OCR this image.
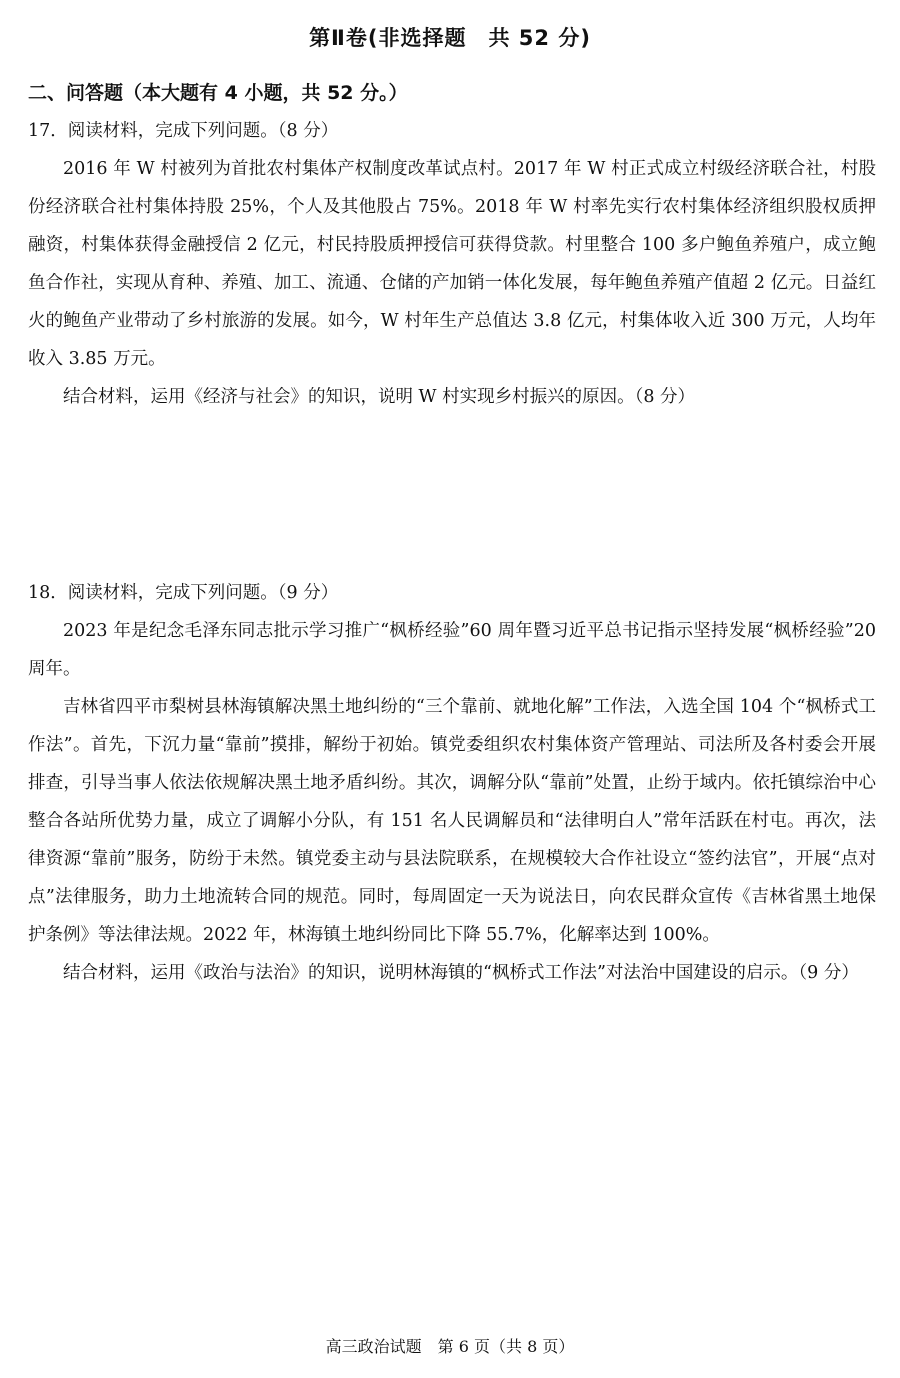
第Ⅱ卷(非选择题　共 52 分)
二、问答题（本大题有 4 小题，共 52 分。）

17．阅读材料，完成下列问题。（8 分）

2016 年 W 村被列为首批农村集体产权制度改革试点村。2017 年 W 村正式成立村级经济联合社，村股份经济联合社村集体持股 25%，个人及其他股占 75%。2018 年 W 村率先实行农村集体经济组织股权质押融资，村集体获得金融授信 2 亿元，村民持股质押授信可获得贷款。村里整合 100 多户鲍鱼养殖户，成立鲍鱼合作社，实现从育种、养殖、加工、流通、仓储的产加销一体化发展，每年鲍鱼养殖产值超 2 亿元。日益红火的鲍鱼产业带动了乡村旅游的发展。如今，W 村年生产总值达 3.8 亿元，村集体收入近 300 万元，人均年收入 3.85 万元。

结合材料，运用《经济与社会》的知识，说明 W 村实现乡村振兴的原因。（8 分）

18．阅读材料，完成下列问题。（9 分）

2023 年是纪念毛泽东同志批示学习推广“枫桥经验”60 周年暨习近平总书记指示坚持发展“枫桥经验”20 周年。

吉林省四平市梨树县林海镇解决黑土地纠纷的“三个靠前、就地化解”工作法，入选全国 104 个“枫桥式工作法”。首先，下沉力量“靠前”摸排，解纷于初始。镇党委组织农村集体资产管理站、司法所及各村委会开展排查，引导当事人依法依规解决黑土地矛盾纠纷。其次，调解分队“靠前”处置，止纷于域内。依托镇综治中心整合各站所优势力量，成立了调解小分队，有 151 名人民调解员和“法律明白人”常年活跃在村屯。再次，法律资源“靠前”服务，防纷于未然。镇党委主动与县法院联系，在规模较大合作社设立“签约法官”，开展“点对点”法律服务，助力土地流转合同的规范。同时，每周固定一天为说法日，向农民群众宣传《吉林省黑土地保护条例》等法律法规。2022 年，林海镇土地纠纷同比下降 55.7%，化解率达到 100%。

结合材料，运用《政治与法治》的知识，说明林海镇的“枫桥式工作法”对法治中国建设的启示。（9 分）

高三政治试题　第 6 页（共 8 页）
